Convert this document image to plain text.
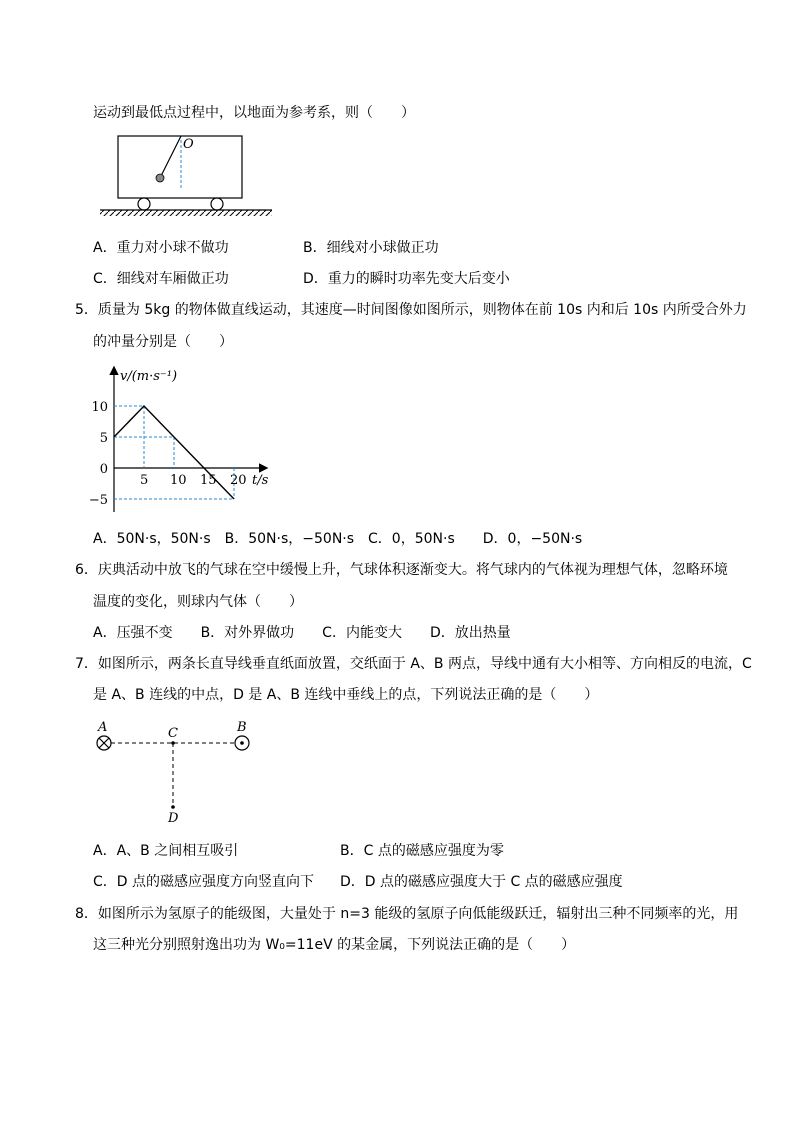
运动到最低点过程中，以地面为参考系，则（　　）
O
A．重力对小球不做功	B．细线对小球做正功
C．细线对车厢做正功	D．重力的瞬时功率先变大后变小
5．质量为 5kg 的物体做直线运动，其速度—时间图像如图所示，则物体在前 10s 内和后 10s 内所受合外力
的冲量分别是（　　）
v/(m·s⁻¹)
t/s
5 10 15 20
10
5
0
−5
A．50N·s，50N·s　B．50N·s，−50N·s　C．0，50N·s　　D．0，−50N·s
6．庆典活动中放飞的气球在空中缓慢上升，气球体积逐渐变大。将气球内的气体视为理想气体，忽略环境
温度的变化，则球内气体（　　）
A．压强不变　　B．对外界做功　　C．内能变大　　D．放出热量
7．如图所示，两条长直导线垂直纸面放置，交纸面于 A、B 两点，导线中通有大小相等、方向相反的电流，C
是 A、B 连线的中点，D 是 A、B 连线中垂线上的点，下列说法正确的是（　　）
A	B
C
D
A．A、B 之间相互吸引	B．C 点的磁感应强度为零
C．D 点的磁感应强度方向竖直向下 D．D 点的磁感应强度大于 C 点的磁感应强度
8．如图所示为氢原子的能级图，大量处于 n=3 能级的氢原子向低能级跃迁，辐射出三种不同频率的光，用
这三种光分别照射逸出功为 W₀=11eV 的某金属，下列说法正确的是（　　）
